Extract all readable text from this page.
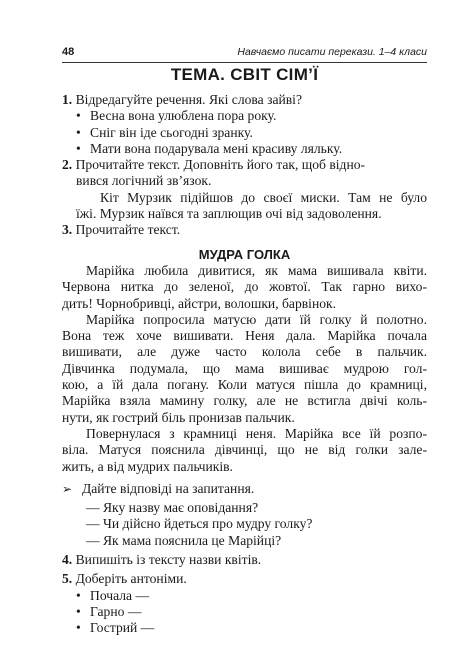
48	Навчаємо писати перекази. 1–4 класи
ТЕМА. СВІТ СІМ’Ї

1. Відредагуйте речення. Які слова зайві?

• Весна вона улюблена пора року.

• Сніг він іде сьогодні зранку.

• Мати вона подарувала мені красиву ляльку.

2. Прочитайте текст. Доповніть його так, щоб відно-

вився логічний зв’язок.

Кіт Мурзик підійшов до своєї миски. Там не було

їжі. Мурзик наївся та заплющив очі від задоволення.

3. Прочитайте текст.

МУДРА ГОЛКА

Марійка любила дивитися, як мама вишивала квіти.

Червона нитка до зеленої, до жовтої. Так гарно вихо-

дить! Чорнобривці, айстри, волошки, барвінок.

Марійка попросила матусю дати їй голку й полотно.

Вона теж хоче вишивати. Неня дала. Марійка почала

вишивати, але дуже часто колола себе в пальчик.

Дівчинка подумала, що мама вишиває мудрою гол-

кою, а їй дала погану. Коли матуся пішла до крамниці,

Марійка взяла мамину голку, але не встигла двічі коль-

нути, як гострий біль пронизав пальчик.

Повернулася з крамниці неня. Марійка все їй розпо-

віла. Матуся пояснила дівчинці, що не від голки зале-

жить, а від мудрих пальчиків.

➢ Дайте відповіді на запитання.

— Яку назву має оповідання?

— Чи дійсно йдеться про мудру голку?

— Як мама пояснила це Марійці?

4. Випишіть із тексту назви квітів.

5. Доберіть антоніми.

• Почала —

• Гарно —

• Гострий —
